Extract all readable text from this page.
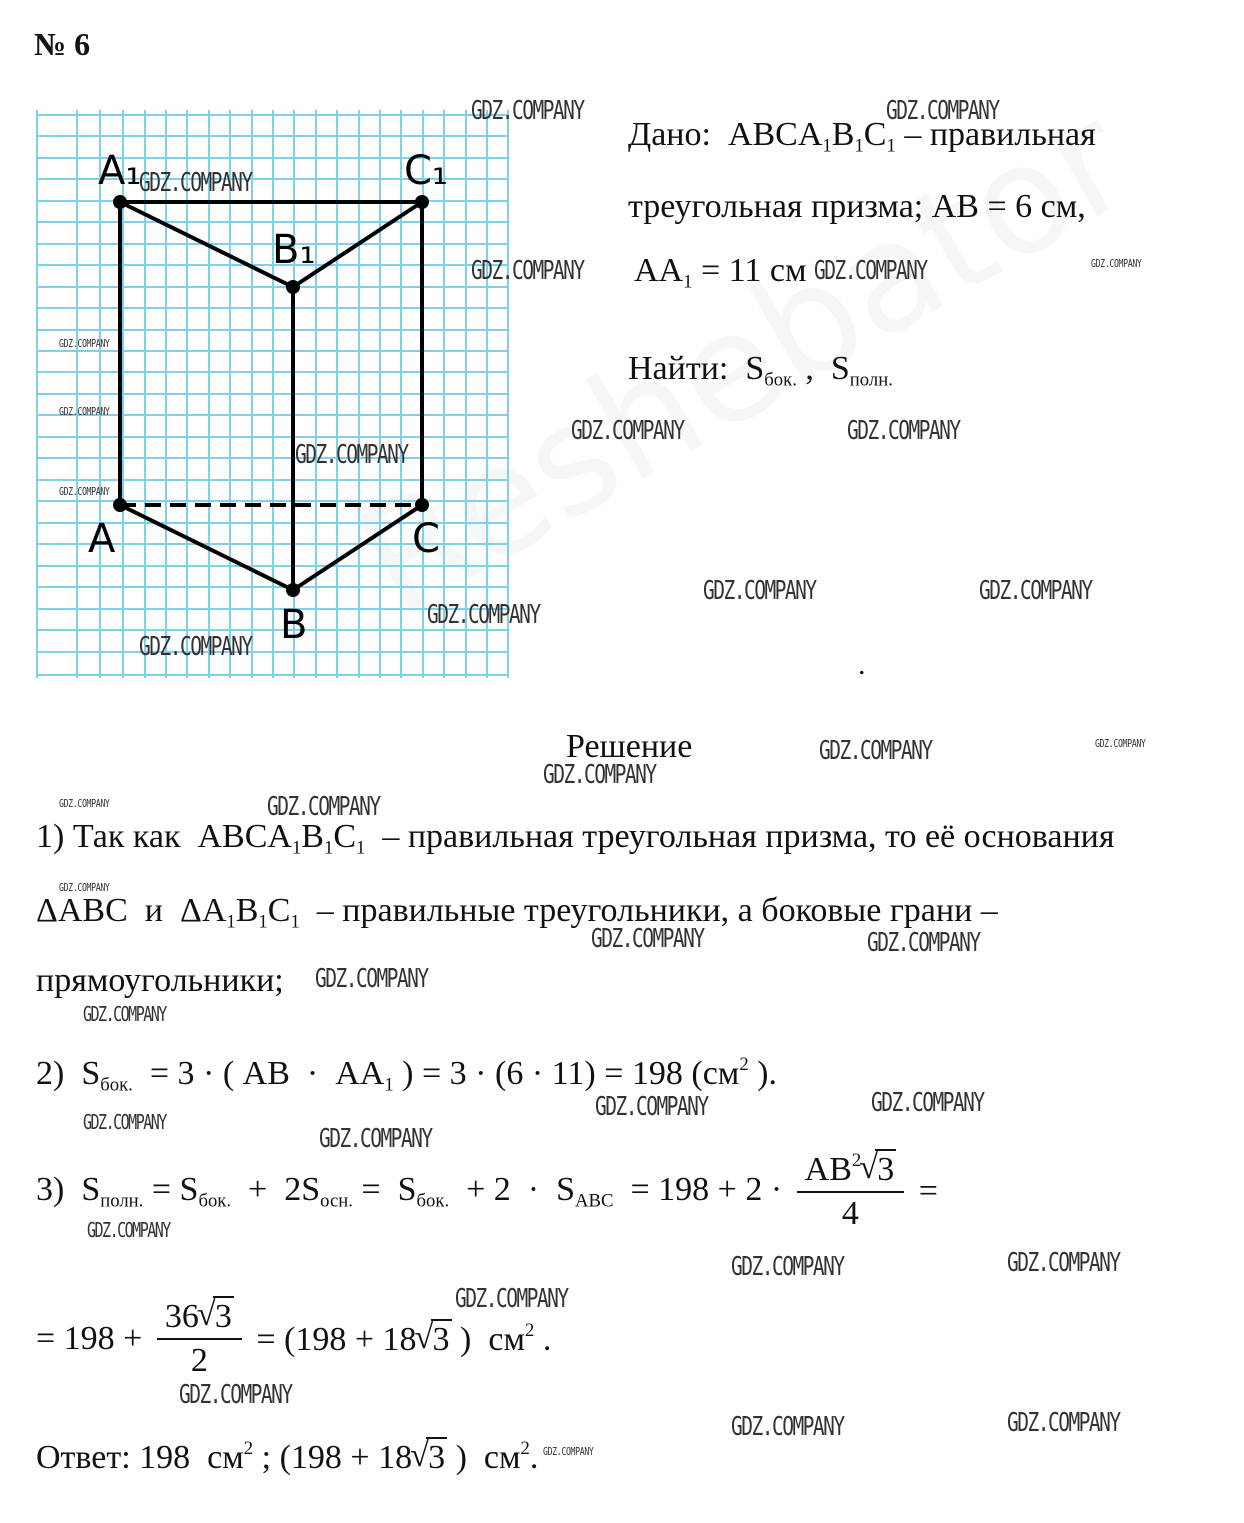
№ 6
A₁	C₁
B₁
A	C
B
Дано:  $ABCA_1B_1C_1$ – правильная
треугольная призма; AB = 6 см,
$AA_1 = 11$ см
Найти:  $S_{бок.}$ ,  $S_{полн.}$
.
Решение
1) Так как  $ABCA_1B_1C_1$  – правильная треугольная призма, то её основания
ΔABC  и  $\Delta A_1B_1C_1$  – правильные треугольники, а боковые грани –
прямоугольники;
2)  $S_{бок.} = 3$ · ( AB  ·  $AA_1$ ) = 3 · (6 · 11) = 198 ($см^2$ ).
3)  $S_{полн.} = S_{бок.} + 2S_{осн.} = S_{бок.} + 2 \cdot S_{ABC} = 198 + 2 \cdot \frac{AB^2√ 3}{4}$ =
= $198 + \frac{36√ 3}{2} = (198 + 18√$ 3 )  $см^2$ .
Ответ: 198  $см^2$ ; (198 + 18√ 3 )  $см^2$.
GDZ.COMPANY	GDZ.COMPANY
GDZ.COMPANY
GDZ.COMPANY	GDZ.COMPANY	GDZ.COMPANY
GDZ.COMPANY
GDZ.COMPANY
GDZ.COMPANY	GDZ.COMPANY
GDZ.COMPANY
GDZ.COMPANY
GDZ.COMPANY	GDZ.COMPANY
GDZ.COMPANY
GDZ.COMPANY
GDZ.COMPANY	GDZ.COMPANY
GDZ.COMPANY
GDZ.COMPANY	GDZ.COMPANY
GDZ.COMPANY
GDZ.COMPANY	GDZ.COMPANY
GDZ.COMPANY
GDZ.COMPANY
GDZ.COMPANY	GDZ.COMPANY
GDZ.COMPANY
GDZ.COMPANY
GDZ.COMPANY
GDZ.COMPANY	GDZ.COMPANY
GDZ.COMPANY
GDZ.COMPANY
GDZ.COMPANY	GDZ.COMPANY
GDZ.COMPANY
